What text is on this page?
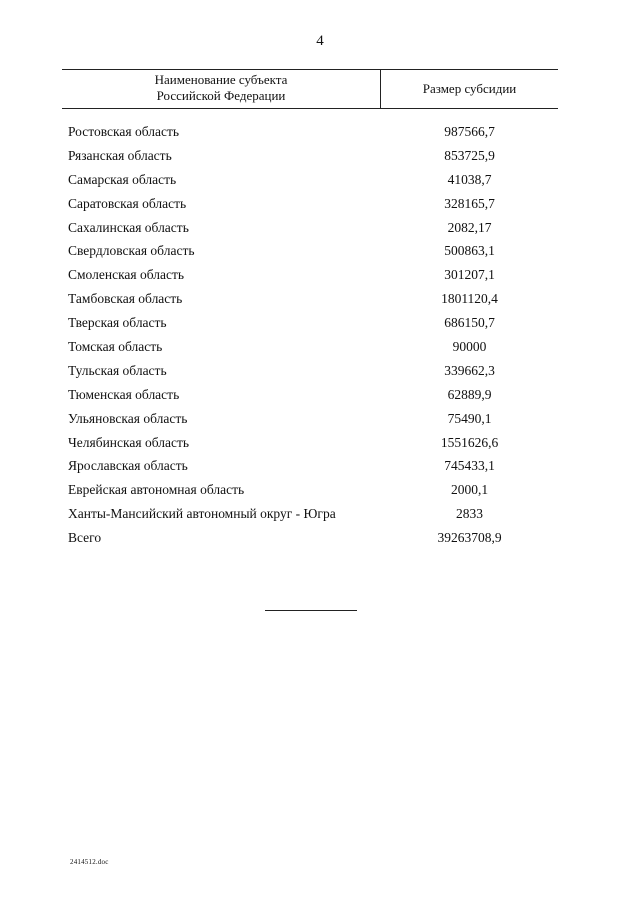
4
Наименование субъекта
Российской Федерации	Размер субсидии
Ростовская область	987566,7
Рязанская область	853725,9
Самарская область	41038,7
Саратовская область	328165,7
Сахалинская область	2082,17
Свердловская область	500863,1
Смоленская область	301207,1
Тамбовская область	1801120,4
Тверская область	686150,7
Томская область	90000
Тульская область	339662,3
Тюменская область	62889,9
Ульяновская область	75490,1
Челябинская область	1551626,6
Ярославская область	745433,1
Еврейская автономная область	2000,1
Ханты-Мансийский автономный округ - Югра	2833
Всего	39263708,9
2414512.doc
